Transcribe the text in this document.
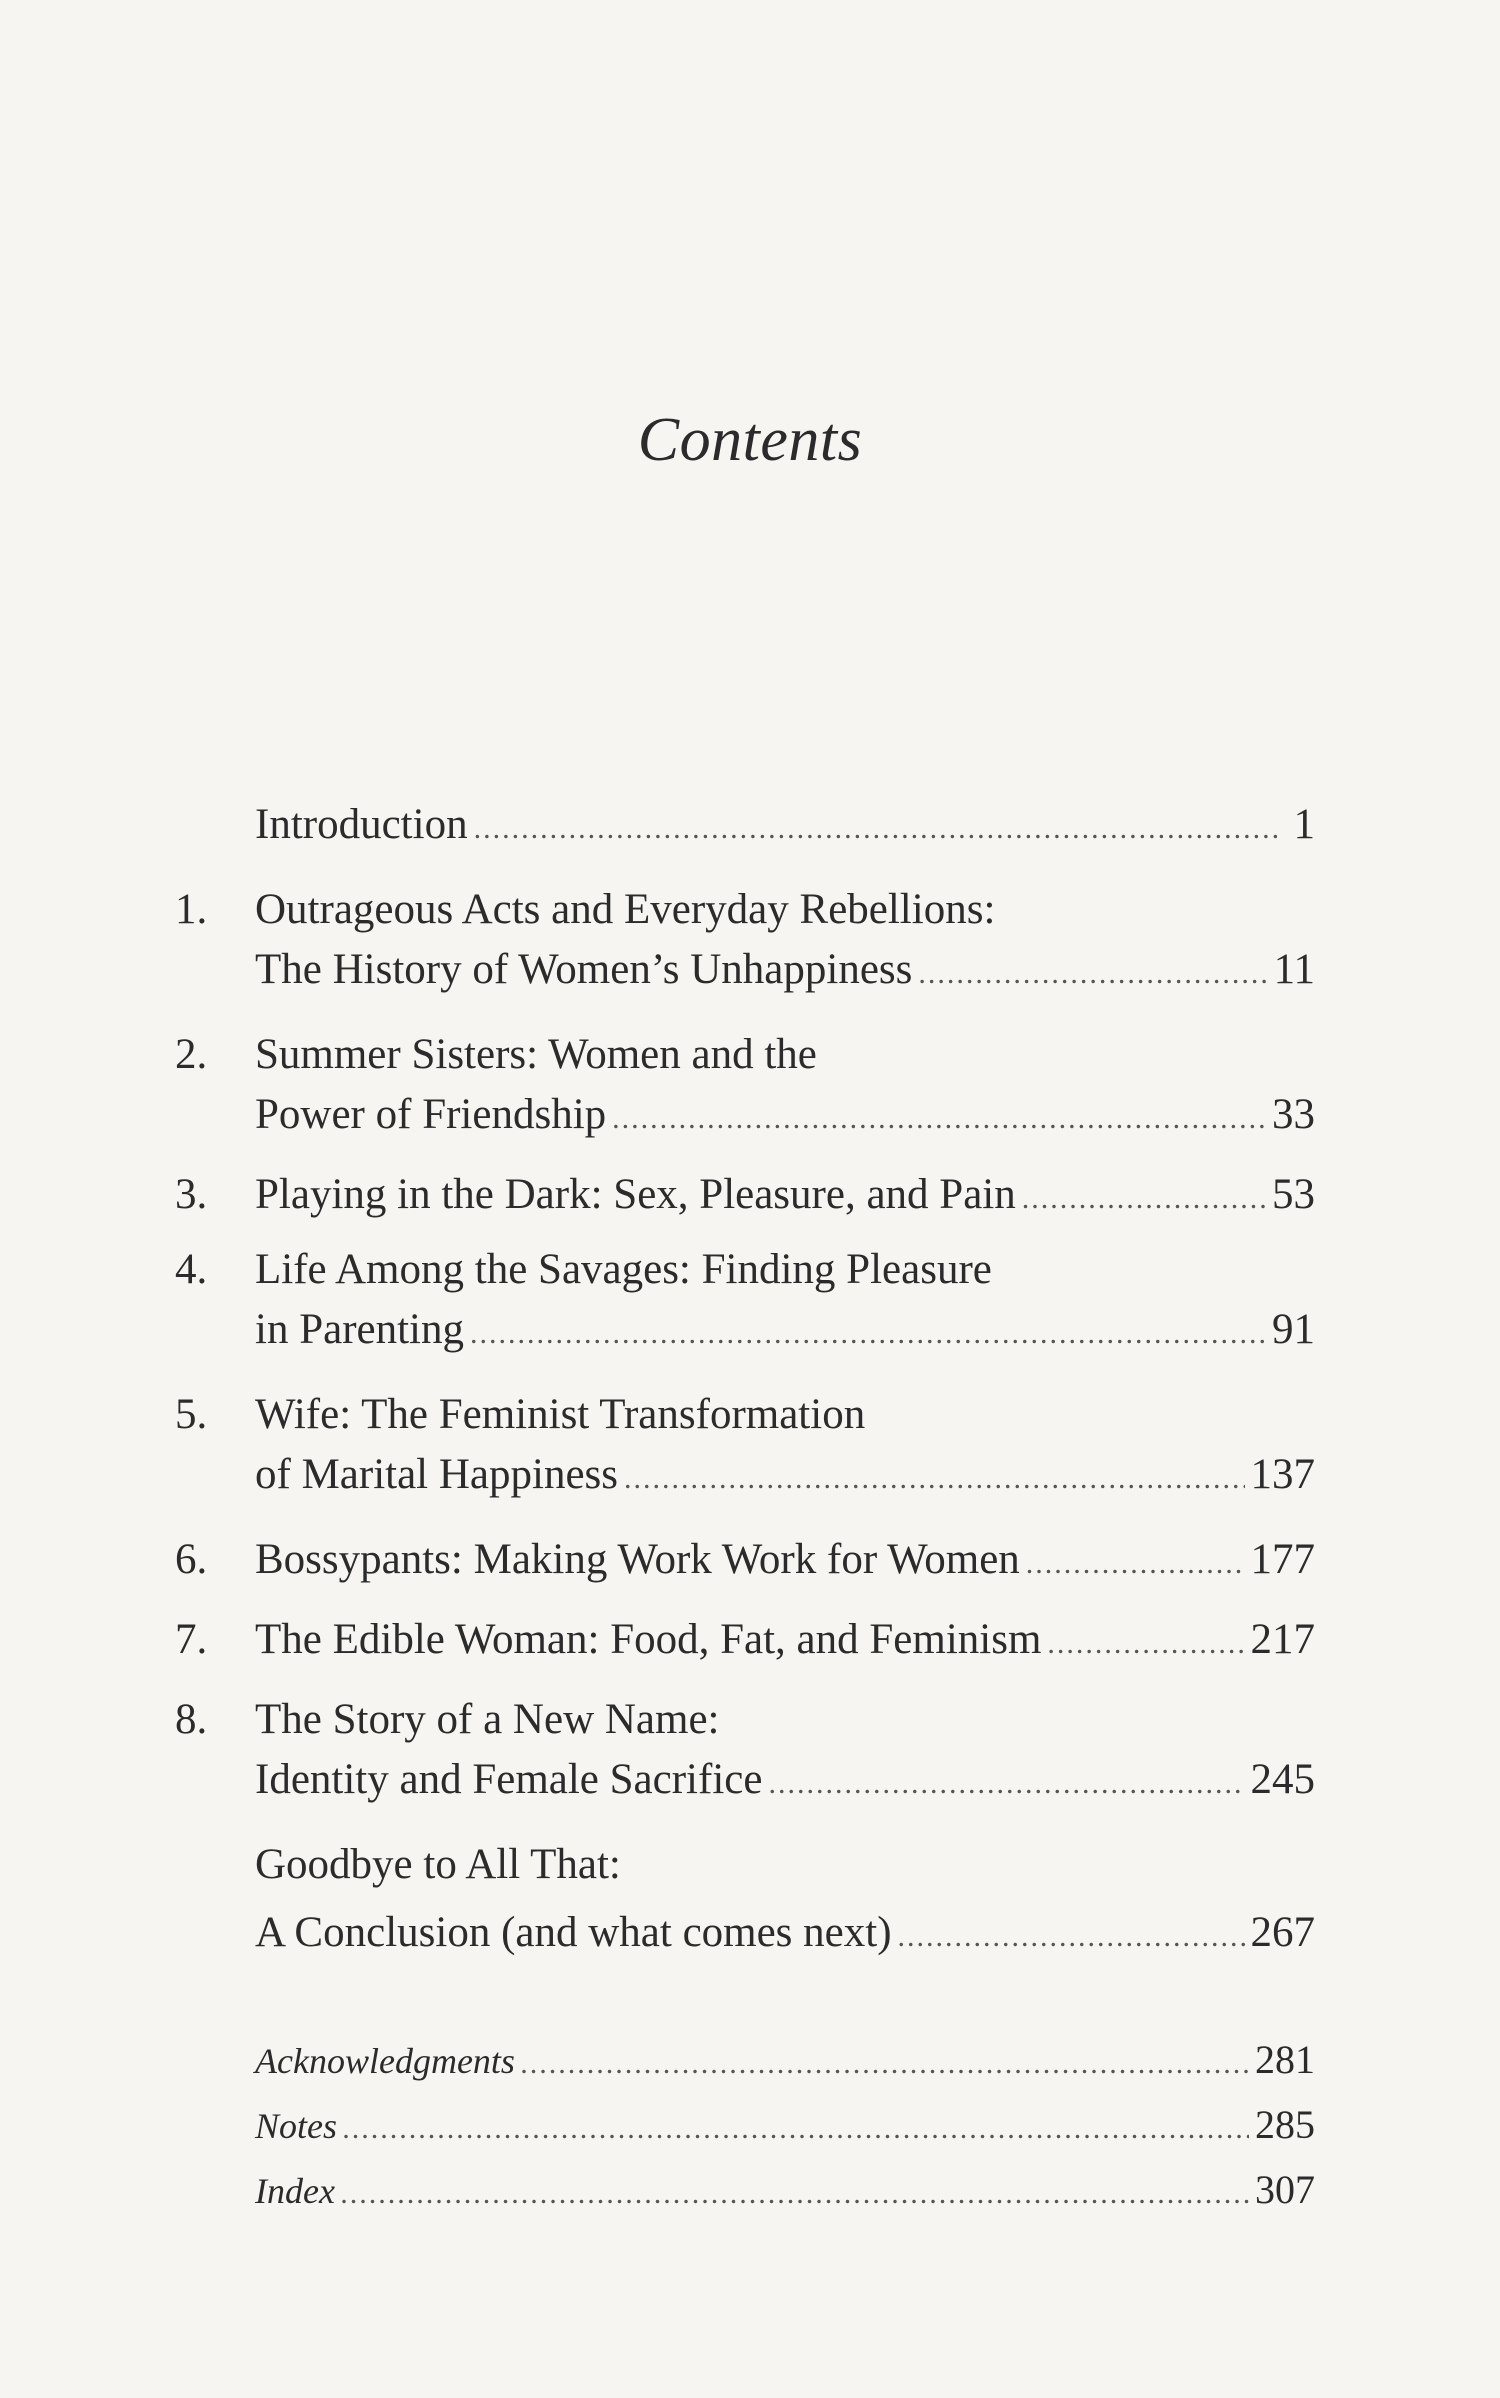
Contents
Introduction .....	1
1.	Outrageous Acts and Everyday Rebellions:
The History of Women’s Unhappiness .....	11
2.	Summer Sisters: Women and the
Power of Friendship .....	33
3.	Playing in the Dark: Sex, Pleasure, and Pain .....	53
4.	Life Among the Savages: Finding Pleasure
in Parenting .....	91
5.	Wife: The Feminist Transformation
of Marital Happiness .....	137
6.	Bossypants: Making Work Work for Women .....	177
7.	The Edible Woman: Food, Fat, and Feminism .....	217
8.	The Story of a New Name:
Identity and Female Sacrifice .....	245
Goodbye to All That:
A Conclusion (and what comes next) .....	267
Acknowledgments .....	281
Notes .....	285
Index .....	307
